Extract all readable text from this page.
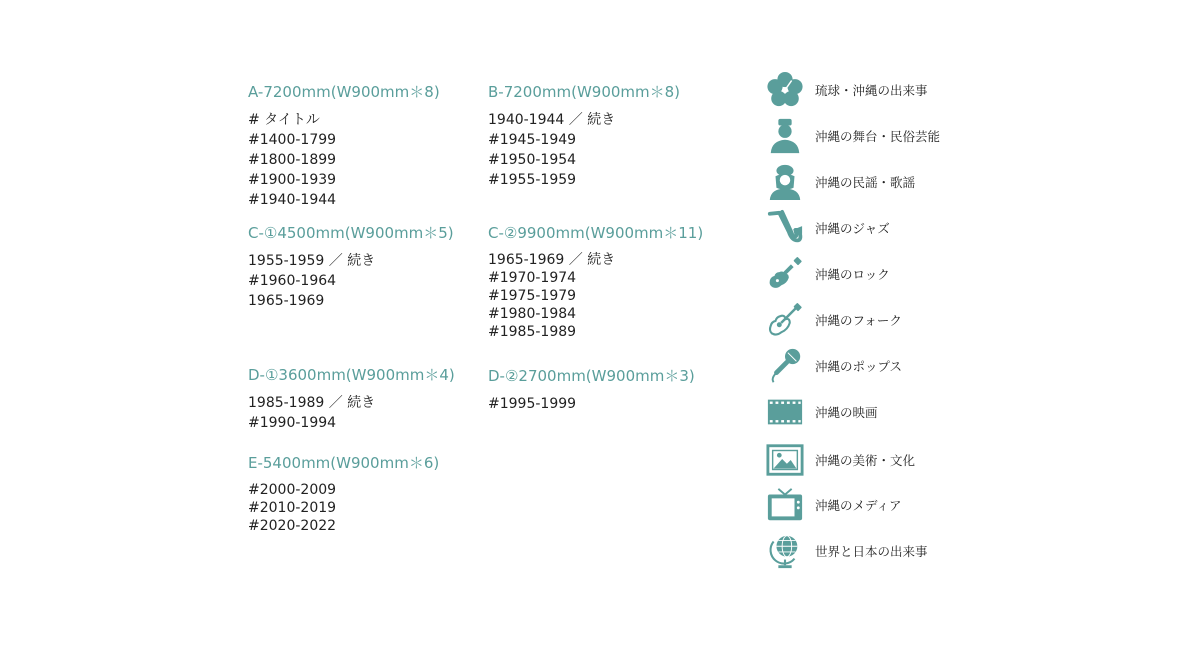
A-7200mm(W900mm＊8)
# タイトル
#1400-1799
#1800-1899
#1900-1939
#1940-1944
B-7200mm(W900mm＊8)
1940-1944 ／ 続き
#1945-1949
#1950-1954
#1955-1959
C-①4500mm(W900mm＊5)
1955-1959 ／ 続き
#1960-1964
1965-1969
C-②9900mm(W900mm＊11)
1965-1969 ／ 続き
#1970-1974
#1975-1979
#1980-1984
#1985-1989
D-①3600mm(W900mm＊4)
1985-1989 ／ 続き
#1990-1994
D-②2700mm(W900mm＊3)
#1995-1999
E-5400mm(W900mm＊6)
#2000-2009
#2010-2019
#2020-2022
琉球・沖縄の出来事
沖縄の舞台・民俗芸能
沖縄の民謡・歌謡
沖縄のジャズ
沖縄のロック
沖縄のフォーク
沖縄のポップス
沖縄の映画
沖縄の美術・文化
沖縄のメディア
世界と日本の出来事
